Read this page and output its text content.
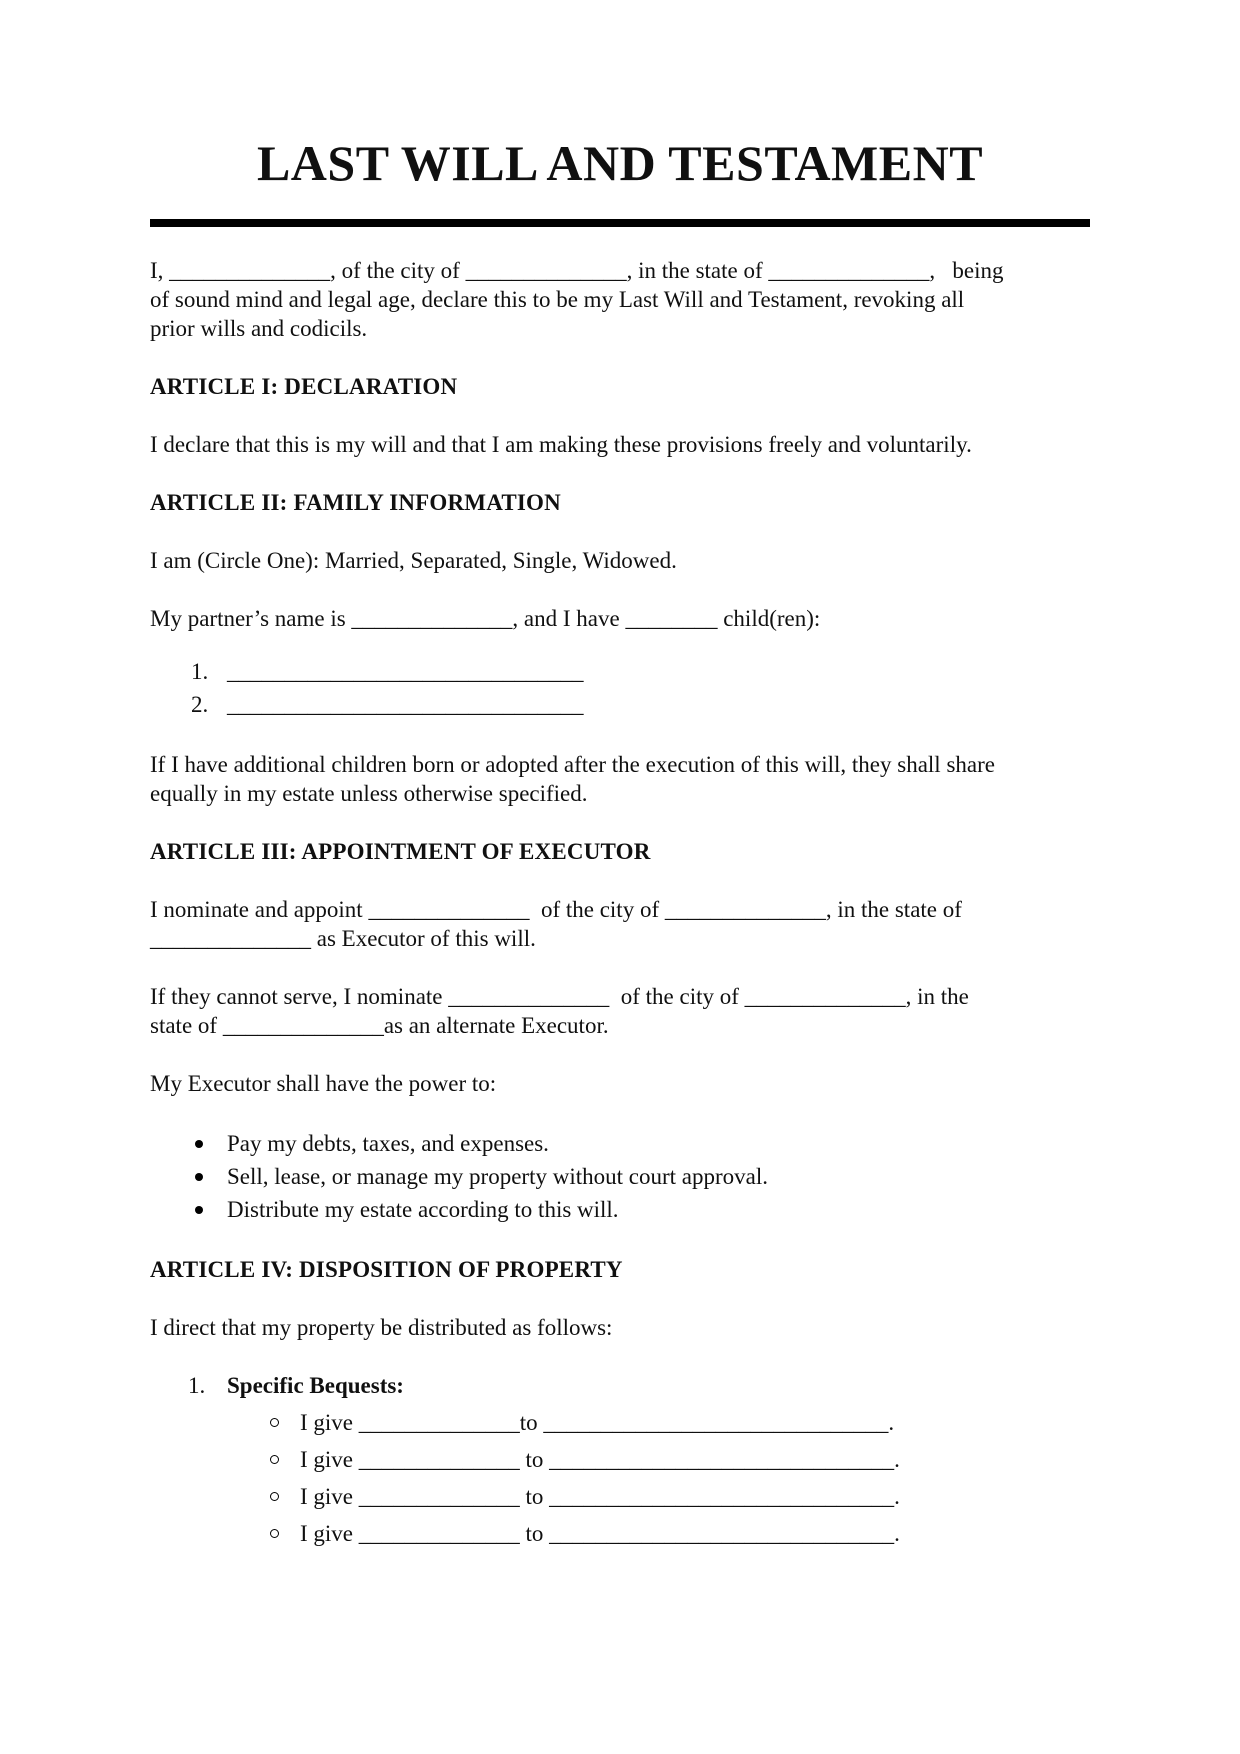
LAST WILL AND TESTAMENT

I, ______________, of the city of ______________, in the state of ______________,   being
of sound mind and legal age, declare this to be my Last Will and Testament, revoking all
prior wills and codicils.

ARTICLE I: DECLARATION

I declare that this is my will and that I am making these provisions freely and voluntarily.

ARTICLE II: FAMILY INFORMATION

I am (Circle One): Married, Separated, Single, Widowed.

My partner’s name is ______________, and I have ________ child(ren):

1. _______________________________
2. _______________________________

If I have additional children born or adopted after the execution of this will, they shall share
equally in my estate unless otherwise specified.

ARTICLE III: APPOINTMENT OF EXECUTOR

I nominate and appoint ______________  of the city of ______________, in the state of
______________ as Executor of this will.

If they cannot serve, I nominate ______________  of the city of ______________, in the
state of ______________as an alternate Executor.

My Executor shall have the power to:

Pay my debts, taxes, and expenses.
Sell, lease, or manage my property without court approval.
Distribute my estate according to this will.
ARTICLE IV: DISPOSITION OF PROPERTY

I direct that my property be distributed as follows:

1. Specific Bequests:
I give ______________to ______________________________.
I give ______________ to ______________________________.
I give ______________ to ______________________________.
I give ______________ to ______________________________.
